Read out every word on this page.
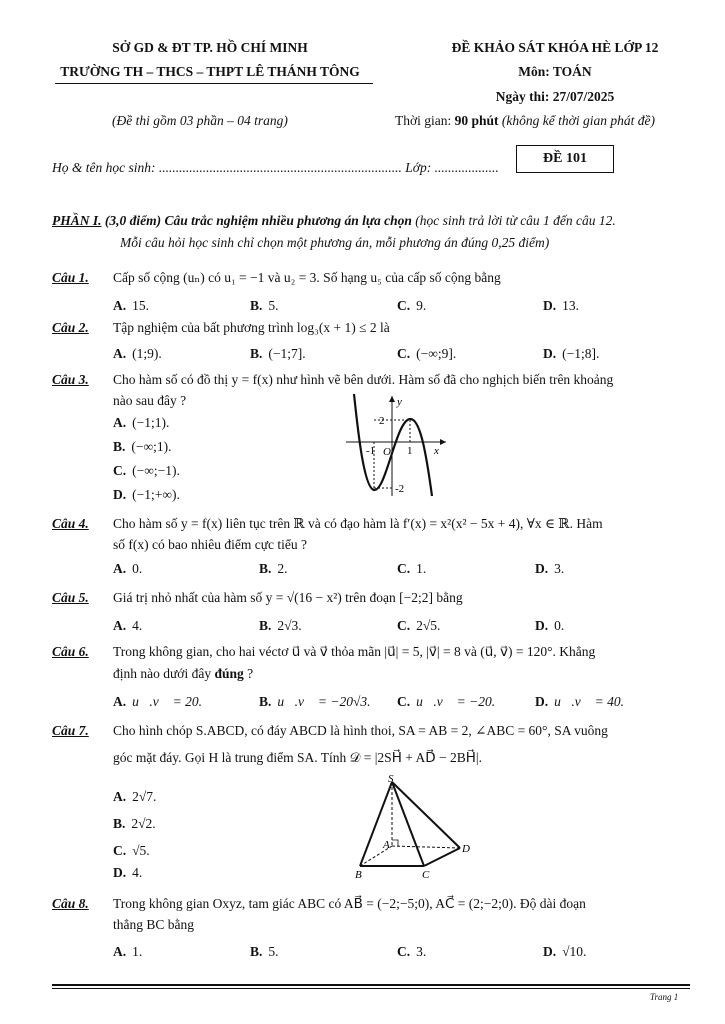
SỞ GD & ĐT TP. HỒ CHÍ MINH
TRƯỜNG TH – THCS – THPT LÊ THÁNH TÔNG
ĐỀ KHẢO SÁT KHÓA HÈ LỚP 12
Môn: TOÁN
Ngày thi: 27/07/2025
(Đề thi gồm 03 phần – 04 trang)	Thời gian: 90 phút (không kể thời gian phát đề)
Họ & tên học sinh: ........................................................................ Lớp: ...................
ĐỀ 101
PHẦN I. (3,0 điểm) Câu trắc nghiệm nhiều phương án lựa chọn (học sinh trả lời từ câu 1 đến câu 12.
Mỗi câu hỏi học sinh chỉ chọn một phương án, mỗi phương án đúng 0,25 điểm)
Câu 1. Cấp số cộng (uₙ) có u₁ = −1 và u₂ = 3. Số hạng u₅ của cấp số cộng bằng
A. 15.	B. 5.	C. 9.	D. 13.
Câu 2. Tập nghiệm của bất phương trình log₃(x + 1) ≤ 2 là
A. (1;9).	B. (−1;7].	C. (−∞;9].	D. (−1;8].
Câu 3. Cho hàm số có đồ thị y = f(x) như hình vẽ bên dưới. Hàm số đã cho nghịch biến trên khoảng
nào sau đây ?
A. (−1;1).
B. (−∞;1).
C. (−∞;−1).
D. (−1;+∞).
y
x
2
-1 O 1
-2
Câu 4. Cho hàm số y = f(x) liên tục trên ℝ và có đạo hàm là f′(x) = x²(x² − 5x + 4), ∀x ∈ ℝ. Hàm
số f(x) có bao nhiêu điểm cực tiểu ?
A. 0.	B. 2.	C. 1.	D. 3.
Câu 5. Giá trị nhỏ nhất của hàm số y = √(16 − x²) trên đoạn [−2;2] bằng
A. 4.	B. 2√3.	C. 2√5.	D. 0.
Câu 6. Trong không gian, cho hai véctơ u⃗ và v⃗ thỏa mãn |u⃗| = 5, |v⃗| = 8 và (u⃗, v⃗) = 120°. Khẳng
định nào dưới đây đúng ?
A. u⃗.v⃗ = 20.	B. u⃗.v⃗ = −20√3. C. u⃗.v⃗ = −20.	D. u⃗.v⃗ = 40.
Câu 7. Cho hình chóp S.ABCD, có đáy ABCD là hình thoi, SA = AB = 2, ∠ABC = 60°, SA vuông
góc mặt đáy. Gọi H là trung điểm SA. Tính 𝒟 = |2SH⃗ + AD⃗ − 2BH⃗|.
A. 2√7.
B. 2√2.
C. √5.
D. 4.
S
A
B	C
D
Câu 8. Trong không gian Oxyz, tam giác ABC có AB⃗ = (−2;−5;0), AC⃗ = (2;−2;0). Độ dài đoạn
thẳng BC bằng
A. 1.	B. 5.	C. 3.	D. √10.
Trang 1
